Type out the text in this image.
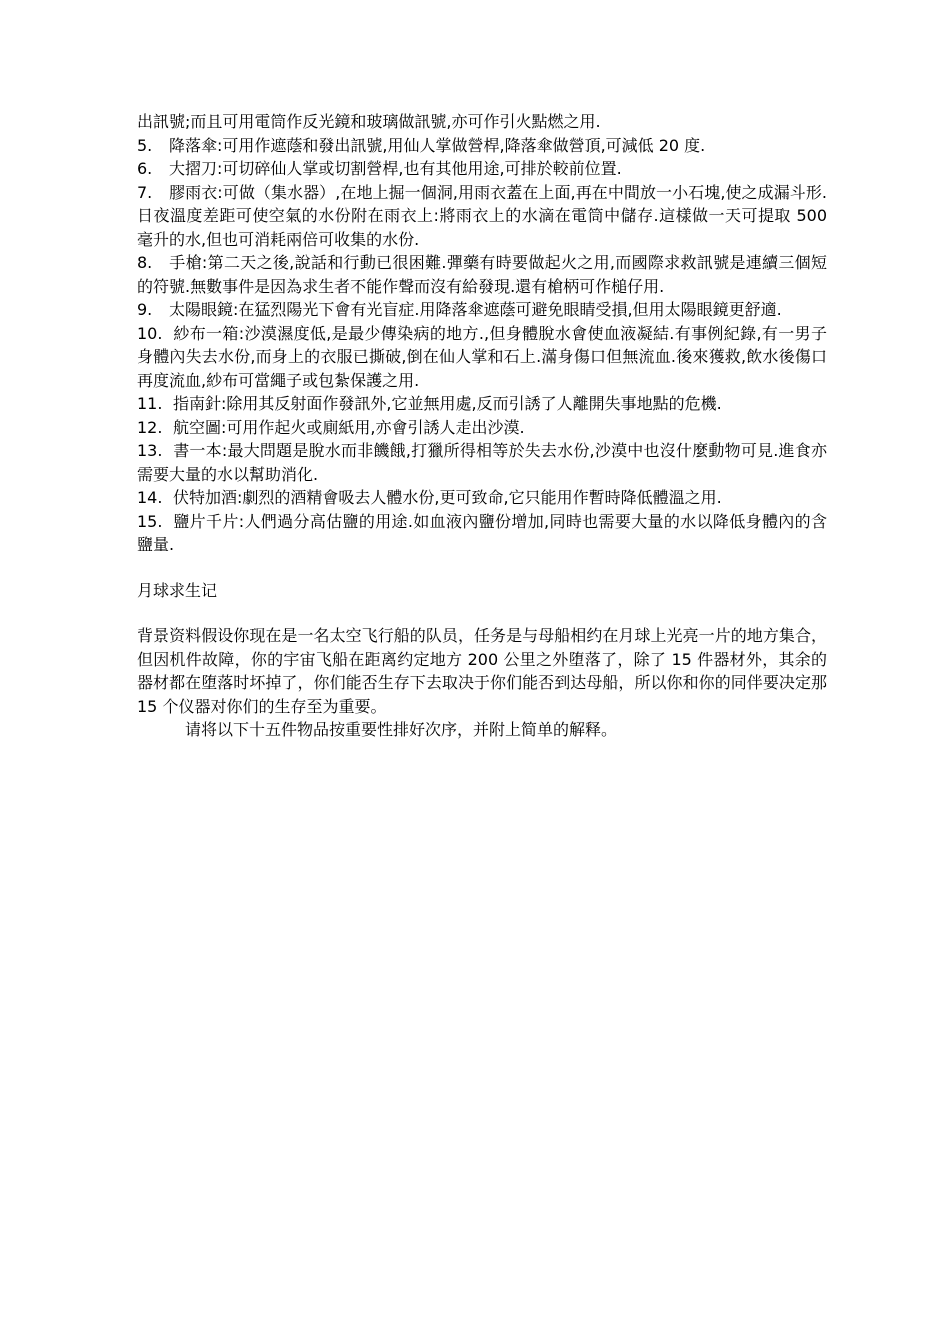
出訊號;而且可用電筒作反光鏡和玻璃做訊號,亦可作引火點燃之用.

5. 降落傘:可用作遮蔭和發出訊號,用仙人掌做營桿,降落傘做營頂,可減低 20 度.

6. 大摺刀:可切碎仙人掌或切割營桿,也有其他用途,可排於較前位置.

7. 膠雨衣:可做（集水器）,在地上掘一個洞,用雨衣蓋在上面,再在中間放一小石塊,使之成漏斗形.日夜溫度差距可使空氣的水份附在雨衣上:將雨衣上的水滴在電筒中儲存.這樣做一天可提取 500 毫升的水,但也可消耗兩倍可收集的水份.

8. 手槍:第二天之後,說話和行動已很困難.彈藥有時要做起火之用,而國際求救訊號是連續三個短的符號.無數事件是因為求生者不能作聲而沒有給發現.還有槍柄可作槌仔用.

9. 太陽眼鏡:在猛烈陽光下會有光盲症.用降落傘遮蔭可避免眼睛受損,但用太陽眼鏡更舒適.

10. 紗布一箱:沙漠濕度低,是最少傳染病的地方.,但身體脫水會使血液凝結.有事例紀錄,有一男子身體內失去水份,而身上的衣服已撕破,倒在仙人掌和石上.滿身傷口但無流血.後來獲救,飲水後傷口再度流血,紗布可當繩子或包紮保護之用.

11. 指南針:除用其反射面作發訊外,它並無用處,反而引誘了人離開失事地點的危機.

12. 航空圖:可用作起火或廁紙用,亦會引誘人走出沙漠.

13. 書一本:最大問題是脫水而非饑餓,打獵所得相等於失去水份,沙漠中也沒什麼動物可見.進食亦需要大量的水以幫助消化.

14. 伏特加酒:劇烈的酒精會吸去人體水份,更可致命,它只能用作暫時降低體溫之用.

15. 鹽片千片:人們過分高估鹽的用途.如血液內鹽份增加,同時也需要大量的水以降低身體內的含鹽量.

月球求生记

背景资料假设你现在是一名太空飞行船的队员，任务是与母船相约在月球上光亮一片的地方集合，但因机件故障，你的宇宙飞船在距离约定地方 200 公里之外堕落了，除了 15 件器材外，其余的器材都在堕落时坏掉了，你们能否生存下去取决于你们能否到达母船，所以你和你的同伴要决定那 15 个仪器对你们的生存至为重要。

请将以下十五件物品按重要性排好次序，并附上简单的解释。
